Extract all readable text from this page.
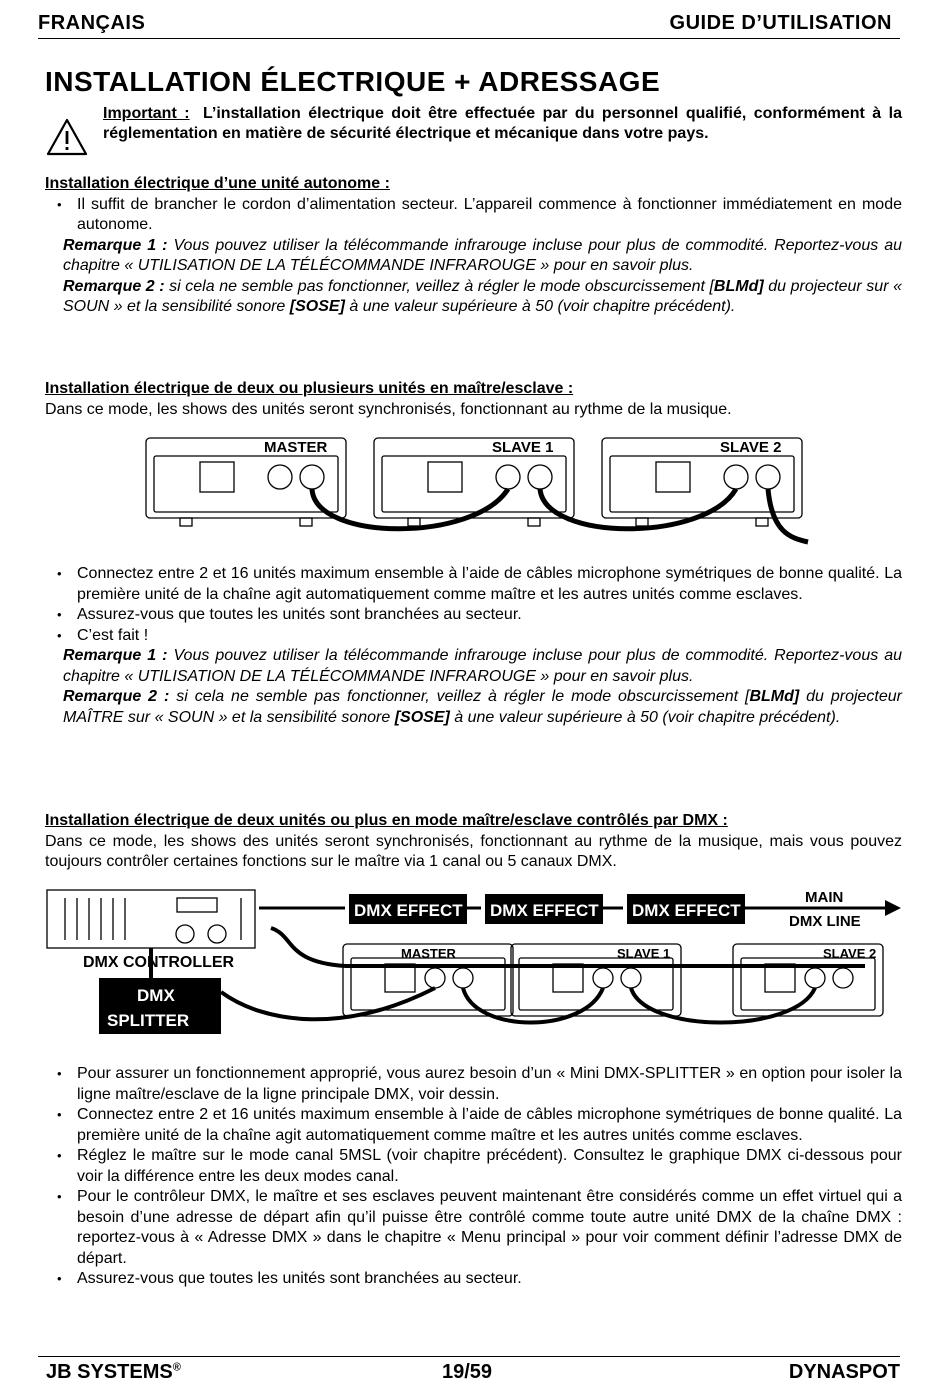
FRANÇAIS	GUIDE D’UTILISATION
INSTALLATION ÉLECTRIQUE + ADRESSAGE
Important : L’installation électrique doit être effectuée par du personnel qualifié, conformément à la réglementation en matière de sécurité électrique et mécanique dans votre pays.
Installation électrique d’une unité autonome :
• Il suffit de brancher le cordon d’alimentation secteur. L’appareil commence à fonctionner immédiatement en mode autonome.
Remarque 1 : Vous pouvez utiliser la télécommande infrarouge incluse pour plus de commodité. Reportez-vous au chapitre « UTILISATION DE LA TÉLÉCOMMANDE INFRAROUGE » pour en savoir plus.
Remarque 2 : si cela ne semble pas fonctionner, veillez à régler le mode obscurcissement [BLMd] du projecteur sur « SOUN » et la sensibilité sonore [SOSE] à une valeur supérieure à 50 (voir chapitre précédent).
Installation électrique de deux ou plusieurs unités en maître/esclave :
Dans ce mode, les shows des unités seront synchronisés, fonctionnant au rythme de la musique.
MASTER	SLAVE 1	SLAVE 2
• Connectez entre 2 et 16 unités maximum ensemble à l’aide de câbles microphone symétriques de bonne qualité. La première unité de la chaîne agit automatiquement comme maître et les autres unités comme esclaves.
• Assurez-vous que toutes les unités sont branchées au secteur.
• C’est fait !
Remarque 1 : Vous pouvez utiliser la télécommande infrarouge incluse pour plus de commodité. Reportez-vous au chapitre « UTILISATION DE LA TÉLÉCOMMANDE INFRAROUGE » pour en savoir plus.
Remarque 2 : si cela ne semble pas fonctionner, veillez à régler le mode obscurcissement [BLMd] du projecteur MAÎTRE sur « SOUN » et la sensibilité sonore [SOSE] à une valeur supérieure à 50 (voir chapitre précédent).
Installation électrique de deux unités ou plus en mode maître/esclave contrôlés par DMX :
Dans ce mode, les shows des unités seront synchronisés, fonctionnant au rythme de la musique, mais vous pouvez toujours contrôler certaines fonctions sur le maître via 1 canal ou 5 canaux DMX.
DMX EFFECT DMX EFFECT DMX EFFECT
MAIN
DMX LINE
DMX CONTROLLER
MASTER	SLAVE 1	SLAVE 2
DMX
SPLITTER
• Pour assurer un fonctionnement approprié, vous aurez besoin d’un « Mini DMX-SPLITTER » en option pour isoler la ligne maître/esclave de la ligne principale DMX, voir dessin.
• Connectez entre 2 et 16 unités maximum ensemble à l’aide de câbles microphone symétriques de bonne qualité. La première unité de la chaîne agit automatiquement comme maître et les autres unités comme esclaves.
• Réglez le maître sur le mode canal 5MSL (voir chapitre précédent). Consultez le graphique DMX ci-dessous pour voir la différence entre les deux modes canal.
• Pour le contrôleur DMX, le maître et ses esclaves peuvent maintenant être considérés comme un effet virtuel qui a besoin d’une adresse de départ afin qu’il puisse être contrôlé comme toute autre unité DMX de la chaîne DMX : reportez-vous à « Adresse DMX » dans le chapitre « Menu principal » pour voir comment définir l’adresse DMX de départ.
• Assurez-vous que toutes les unités sont branchées au secteur.
JB SYSTEMS®	19/59	DYNASPOT
